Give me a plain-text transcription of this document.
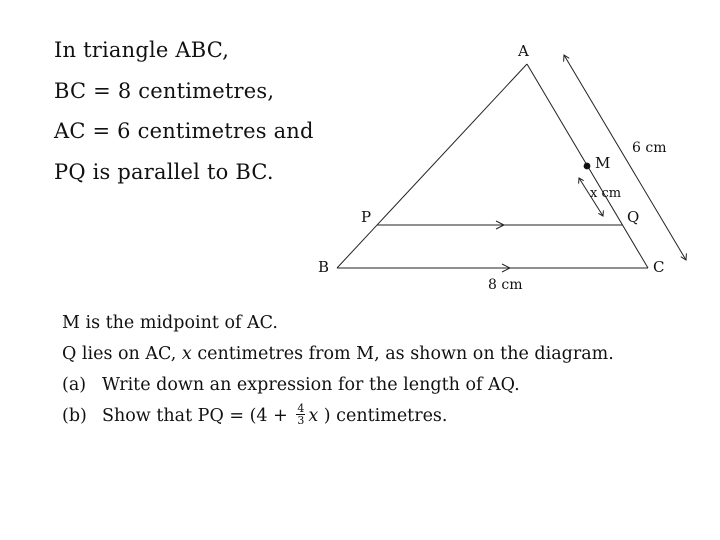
In triangle ABC,
BC = 8 centimetres,
AC = 6 centimetres and
PQ is parallel to BC.
A
B	C
P	Q
M
8 cm
6 cm
x cm
M is the midpoint of AC.
Q lies on AC, x centimetres from M, as shown on the diagram.
(a) Write down an expression for the length of AQ.
(b) Show that PQ = ($4 + \frac{4}{3}$ x ) centimetres.
